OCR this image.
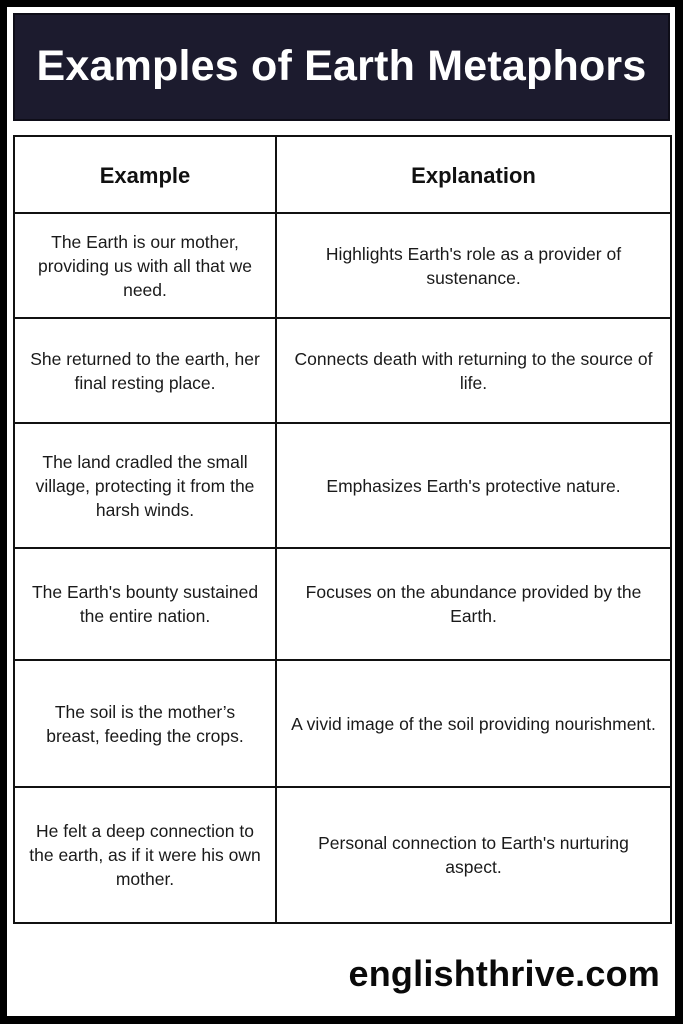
Examples of Earth Metaphors
Example	Explanation
The Earth is our mother, providing us with all that we need.	Highlights Earth's role as a provider of sustenance.
She returned to the earth, her final resting place.	Connects death with returning to the source of life.
The land cradled the small village, protecting it from the harsh winds.	Emphasizes Earth's protective nature.
The Earth's bounty sustained the entire nation.	Focuses on the abundance provided by the Earth.
The soil is the mother’s breast, feeding the crops.	A vivid image of the soil providing nourishment.
He felt a deep connection to the earth, as if it were his own mother.	Personal connection to Earth's nurturing aspect.
englishthrive.com
